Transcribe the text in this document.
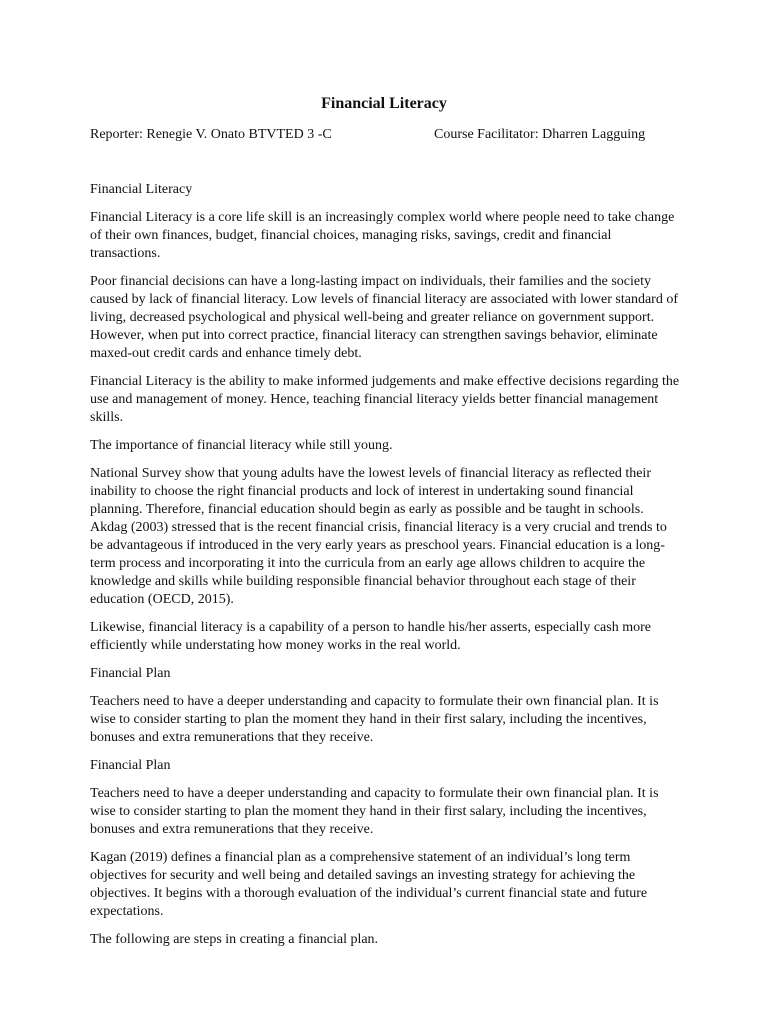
Financial Literacy
Reporter: Renegie V. Onato BTVTED 3 -C	Course Facilitator: Dharren Lagguing

Financial Literacy

Financial Literacy is a core life skill is an increasingly complex world where people need to take change of their own finances, budget, financial choices, managing risks, savings, credit and financial transactions.

Poor financial decisions can have a long-lasting impact on individuals, their families and the society caused by lack of financial literacy. Low levels of financial literacy are associated with lower standard of living, decreased psychological and physical well-being and greater reliance on government support. However, when put into correct practice, financial literacy can strengthen savings behavior, eliminate maxed-out credit cards and enhance timely debt.

Financial Literacy is the ability to make informed judgements and make effective decisions regarding the use and management of money. Hence, teaching financial literacy yields better financial management skills.

The importance of financial literacy while still young.

National Survey show that young adults have the lowest levels of financial literacy as reflected their inability to choose the right financial products and lock of interest in undertaking sound financial planning. Therefore, financial education should begin as early as possible and be taught in schools. Akdag (2003) stressed that is the recent financial crisis, financial literacy is a very crucial and trends to be advantageous if introduced in the very early years as preschool years. Financial education is a long-term process and incorporating it into the curricula from an early age allows children to acquire the knowledge and skills while building responsible financial behavior throughout each stage of their education (OECD, 2015).

Likewise, financial literacy is a capability of a person to handle his/her asserts, especially cash more efficiently while understating how money works in the real world.

Financial Plan

Teachers need to have a deeper understanding and capacity to formulate their own financial plan. It is wise to consider starting to plan the moment they hand in their first salary, including the incentives, bonuses and extra remunerations that they receive.

Financial Plan

Teachers need to have a deeper understanding and capacity to formulate their own financial plan. It is wise to consider starting to plan the moment they hand in their first salary, including the incentives, bonuses and extra remunerations that they receive.

Kagan (2019) defines a financial plan as a comprehensive statement of an individual’s long term objectives for security and well being and detailed savings an investing strategy for achieving the objectives. It begins with a thorough evaluation of the individual’s current financial state and future expectations.

The following are steps in creating a financial plan.
